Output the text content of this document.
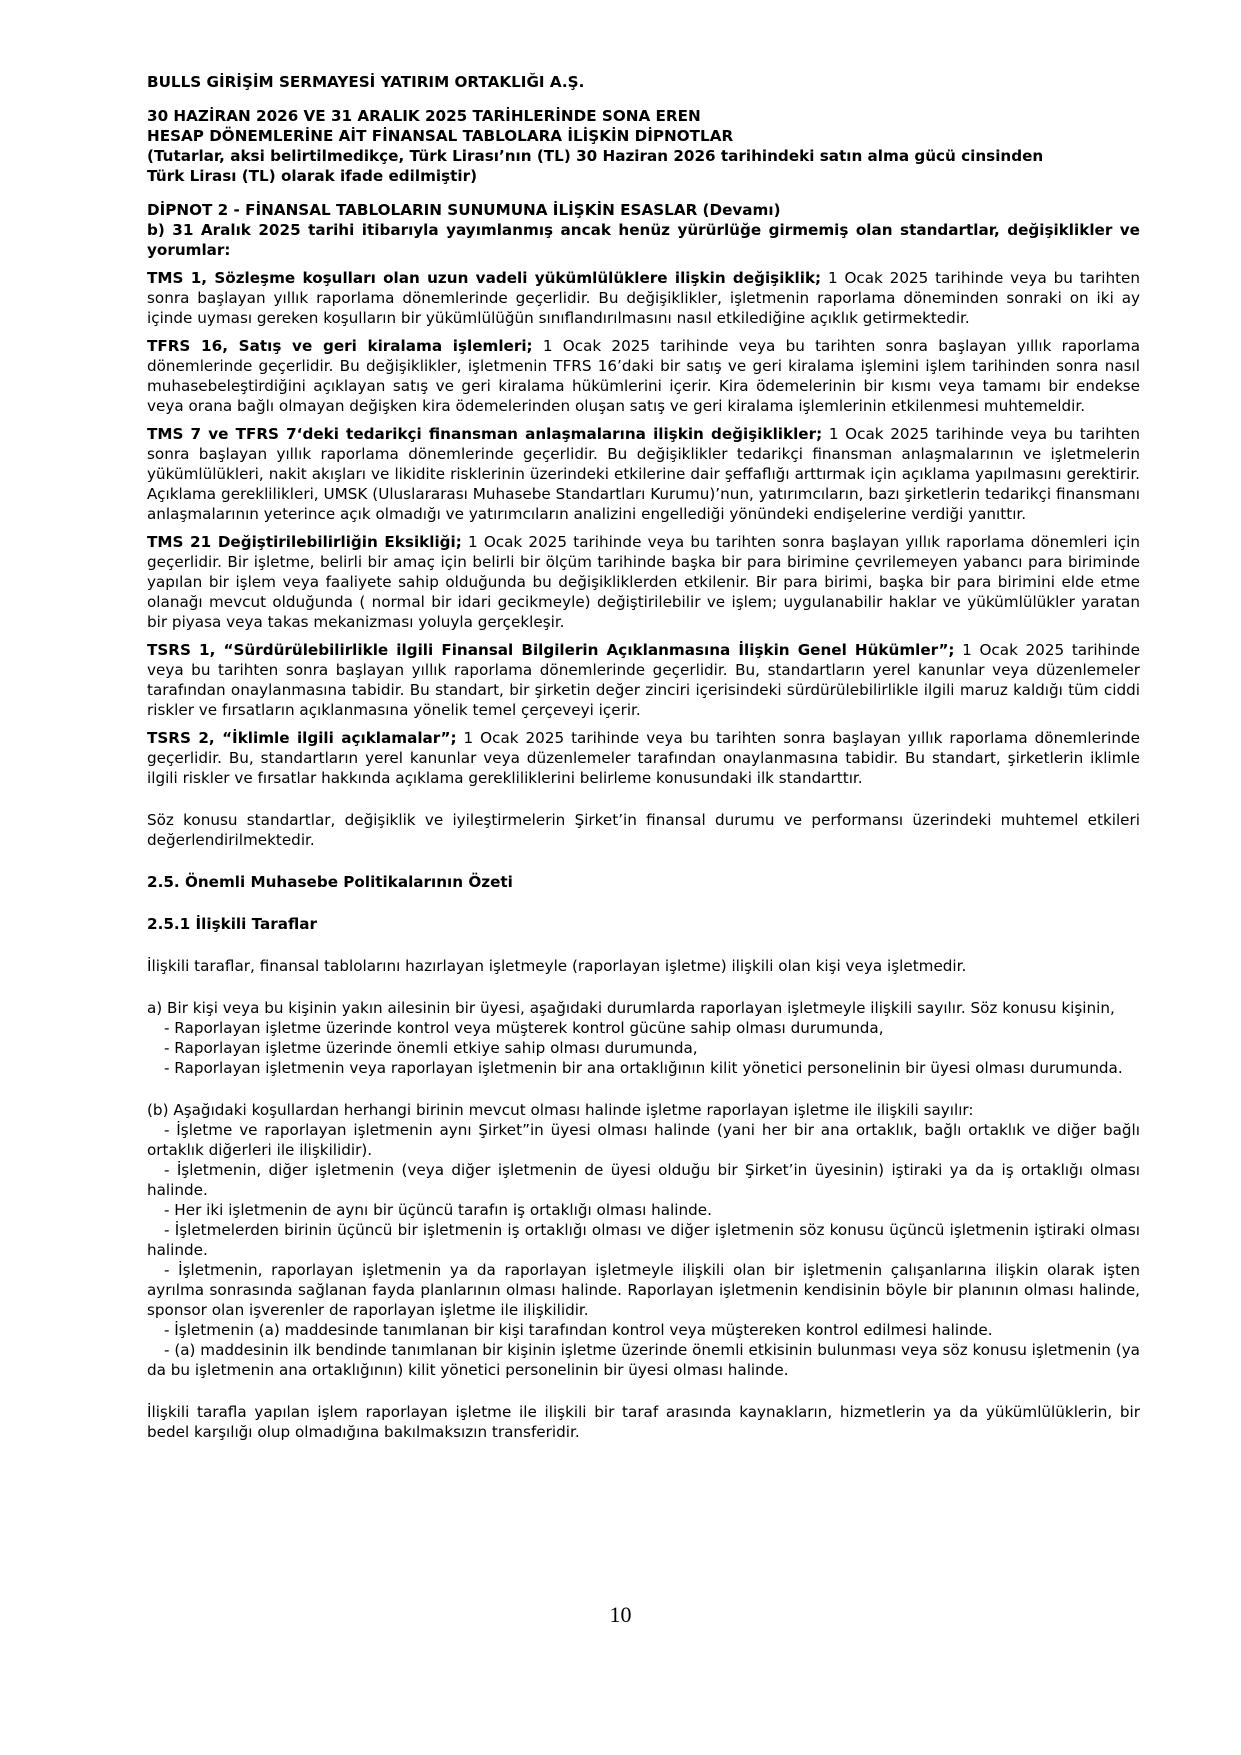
BULLS GİRİŞİM SERMAYESİ YATIRIM ORTAKLIĞI A.Ş.

30 HAZİRAN 2026 VE 31 ARALIK 2025 TARİHLERİNDE SONA EREN

HESAP DÖNEMLERİNE AİT FİNANSAL TABLOLARA İLİŞKİN DİPNOTLAR

(Tutarlar, aksi belirtilmedikçe, Türk Lirası’nın (TL) 30 Haziran 2026 tarihindeki satın alma gücü cinsinden

Türk Lirası (TL) olarak ifade edilmiştir)

DİPNOT 2 - FİNANSAL TABLOLARIN SUNUMUNA İLİŞKİN ESASLAR (Devamı)

b) 31 Aralık 2025 tarihi itibarıyla yayımlanmış ancak henüz yürürlüğe girmemiş olan standartlar, değişiklikler ve yorumlar:

TMS 1, Sözleşme koşulları olan uzun vadeli yükümlülüklere ilişkin değişiklik; 1 Ocak 2025 tarihinde veya bu tarihten sonra başlayan yıllık raporlama dönemlerinde geçerlidir. Bu değişiklikler, işletmenin raporlama döneminden sonraki on iki ay içinde uyması gereken koşulların bir yükümlülüğün sınıflandırılmasını nasıl etkilediğine açıklık getirmektedir.

TFRS 16, Satış ve geri kiralama işlemleri; 1 Ocak 2025 tarihinde veya bu tarihten sonra başlayan yıllık raporlama dönemlerinde geçerlidir. Bu değişiklikler, işletmenin TFRS 16’daki bir satış ve geri kiralama işlemini işlem tarihinden sonra nasıl muhasebeleştirdiğini açıklayan satış ve geri kiralama hükümlerini içerir. Kira ödemelerinin bir kısmı veya tamamı bir endekse veya orana bağlı olmayan değişken kira ödemelerinden oluşan satış ve geri kiralama işlemlerinin etkilenmesi muhtemeldir.

TMS 7 ve TFRS 7‘deki tedarikçi finansman anlaşmalarına ilişkin değişiklikler; 1 Ocak 2025 tarihinde veya bu tarihten sonra başlayan yıllık raporlama dönemlerinde geçerlidir. Bu değişiklikler tedarikçi finansman anlaşmalarının ve işletmelerin yükümlülükleri, nakit akışları ve likidite risklerinin üzerindeki etkilerine dair şeffaflığı arttırmak için açıklama yapılmasını gerektirir. Açıklama gereklilikleri, UMSK (Uluslararası Muhasebe Standartları Kurumu)’nun, yatırımcıların, bazı şirketlerin tedarikçi finansmanı anlaşmalarının yeterince açık olmadığı ve yatırımcıların analizini engellediği yönündeki endişelerine verdiği yanıttır.

TMS 21 Değiştirilebilirliğin Eksikliği; 1 Ocak 2025 tarihinde veya bu tarihten sonra başlayan yıllık raporlama dönemleri için geçerlidir. Bir işletme, belirli bir amaç için belirli bir ölçüm tarihinde başka bir para birimine çevrilemeyen yabancı para biriminde yapılan bir işlem veya faaliyete sahip olduğunda bu değişikliklerden etkilenir. Bir para birimi, başka bir para birimini elde etme olanağı mevcut olduğunda ( normal bir idari gecikmeyle) değiştirilebilir ve işlem; uygulanabilir haklar ve yükümlülükler yaratan bir piyasa veya takas mekanizması yoluyla gerçekleşir.

TSRS 1, “Sürdürülebilirlikle ilgili Finansal Bilgilerin Açıklanmasına İlişkin Genel Hükümler”; 1 Ocak 2025 tarihinde veya bu tarihten sonra başlayan yıllık raporlama dönemlerinde geçerlidir. Bu, standartların yerel kanunlar veya düzenlemeler tarafından onaylanmasına tabidir. Bu standart, bir şirketin değer zinciri içerisindeki sürdürülebilirlikle ilgili maruz kaldığı tüm ciddi riskler ve fırsatların açıklanmasına yönelik temel çerçeveyi içerir.

TSRS 2, “İklimle ilgili açıklamalar”; 1 Ocak 2025 tarihinde veya bu tarihten sonra başlayan yıllık raporlama dönemlerinde geçerlidir. Bu, standartların yerel kanunlar veya düzenlemeler tarafından onaylanmasına tabidir. Bu standart, şirketlerin iklimle ilgili riskler ve fırsatlar hakkında açıklama gerekliliklerini belirleme konusundaki ilk standarttır.

Söz konusu standartlar, değişiklik ve iyileştirmelerin Şirket’in finansal durumu ve performansı üzerindeki muhtemel etkileri değerlendirilmektedir.

2.5. Önemli Muhasebe Politikalarının Özeti

2.5.1 İlişkili Taraflar

İlişkili taraflar, finansal tablolarını hazırlayan işletmeyle (raporlayan işletme) ilişkili olan kişi veya işletmedir.

a) Bir kişi veya bu kişinin yakın ailesinin bir üyesi, aşağıdaki durumlarda raporlayan işletmeyle ilişkili sayılır. Söz konusu kişinin,

- Raporlayan işletme üzerinde kontrol veya müşterek kontrol gücüne sahip olması durumunda,

- Raporlayan işletme üzerinde önemli etkiye sahip olması durumunda,

- Raporlayan işletmenin veya raporlayan işletmenin bir ana ortaklığının kilit yönetici personelinin bir üyesi olması durumunda.

(b) Aşağıdaki koşullardan herhangi birinin mevcut olması halinde işletme raporlayan işletme ile ilişkili sayılır:

- İşletme ve raporlayan işletmenin aynı Şirket”in üyesi olması halinde (yani her bir ana ortaklık, bağlı ortaklık ve diğer bağlı ortaklık diğerleri ile ilişkilidir).

- İşletmenin, diğer işletmenin (veya diğer işletmenin de üyesi olduğu bir Şirket’in üyesinin) iştiraki ya da iş ortaklığı olması halinde.

- Her iki işletmenin de aynı bir üçüncü tarafın iş ortaklığı olması halinde.

- İşletmelerden birinin üçüncü bir işletmenin iş ortaklığı olması ve diğer işletmenin söz konusu üçüncü işletmenin iştiraki olması halinde.

- İşletmenin, raporlayan işletmenin ya da raporlayan işletmeyle ilişkili olan bir işletmenin çalışanlarına ilişkin olarak işten ayrılma sonrasında sağlanan fayda planlarının olması halinde. Raporlayan işletmenin kendisinin böyle bir planının olması halinde, sponsor olan işverenler de raporlayan işletme ile ilişkilidir.

- İşletmenin (a) maddesinde tanımlanan bir kişi tarafından kontrol veya müştereken kontrol edilmesi halinde.

- (a) maddesinin ilk bendinde tanımlanan bir kişinin işletme üzerinde önemli etkisinin bulunması veya söz konusu işletmenin (ya da bu işletmenin ana ortaklığının) kilit yönetici personelinin bir üyesi olması halinde.

İlişkili tarafla yapılan işlem raporlayan işletme ile ilişkili bir taraf arasında kaynakların, hizmetlerin ya da yükümlülüklerin, bir bedel karşılığı olup olmadığına bakılmaksızın transferidir.

10
